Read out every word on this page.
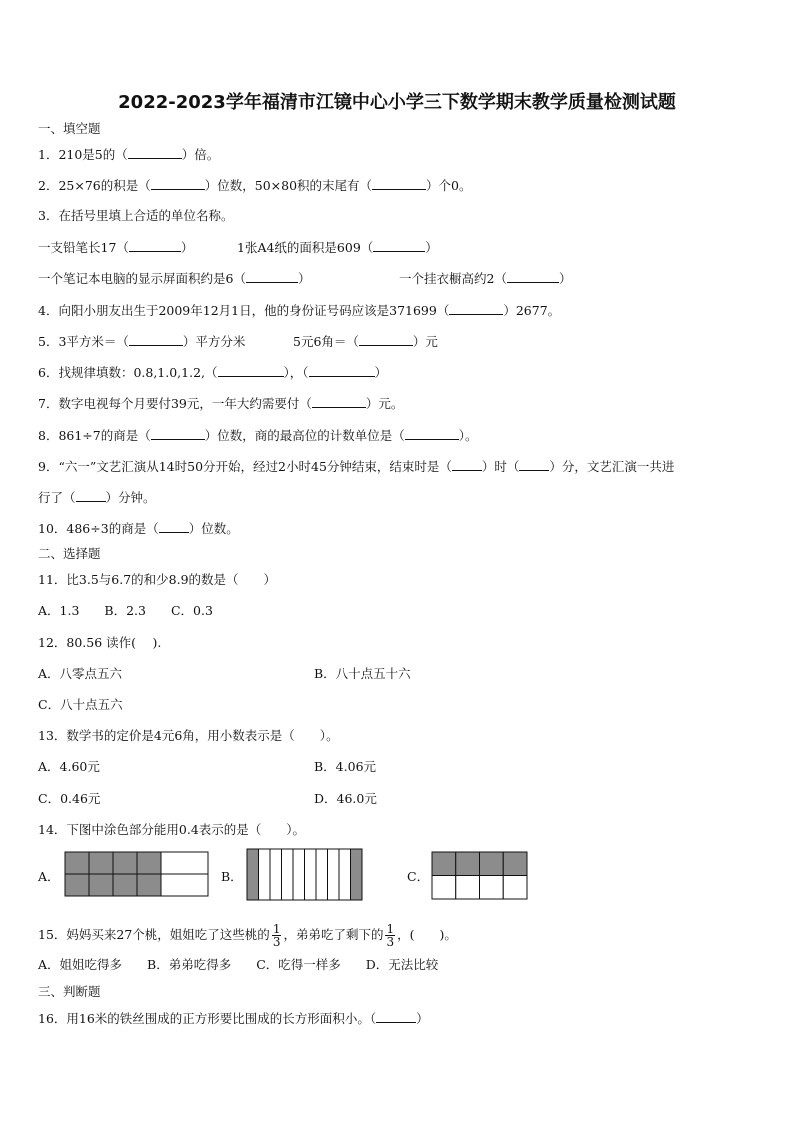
2022-2023学年福清市江镜中心小学三下数学期末教学质量检测试题
一、填空题
1．210是5的（	）倍。
2．25×76的积是（	）位数，50×80积的末尾有（	）个0。
3．在括号里填上合适的单位名称。
一支铅笔长17（	）	1张A4纸的面积是609（	）
一个笔记本电脑的显示屏面积约是6（	）	一个挂衣橱高约2（	）
4．向阳小朋友出生于2009年12月1日，他的身份证号码应该是371699（	）2677。
5．3平方米＝（	）平方分米	5元6角＝（	）元
6．找规律填数：0.8,1.0,1.2,（	），（	）
7．数字电视每个月要付39元，一年大约需要付（	）元。
8．861÷7的商是（	）位数，商的最高位的计数单位是（	）。
9．“六一”文艺汇演从14时50分开始，经过2小时45分钟结束，结束时是（ ）时（ ）分，文艺汇演一共进
行了（ ）分钟。
10．486÷3的商是（ ）位数。
二、选择题
11．比3.5与6.7的和少8.9的数是（　　）
A．1.3　　B．2.3　　C．0.3
12．80.56 读作(　 ).
A．八零点五六	B．八十点五十六
C．八十点五六
13．数学书的定价是4元6角，用小数表示是（　　）。
A．4.60元	B．4.06元
C．0.46元	D．46.0元
14．下图中涂色部分能用0.4表示的是（　　）。
A．	B．	C．
15．妈妈买来27个桃，姐姐吃了这些桃的 $\frac{1}{3}$ ，弟弟吃了剩下的 $\frac{1}{3}$ ，(　　)。
A．姐姐吃得多　　B．弟弟吃得多　　C．吃得一样多　　D．无法比较
三、判断题
16．用16米的铁丝围成的正方形要比围成的长方形面积小。（	）
